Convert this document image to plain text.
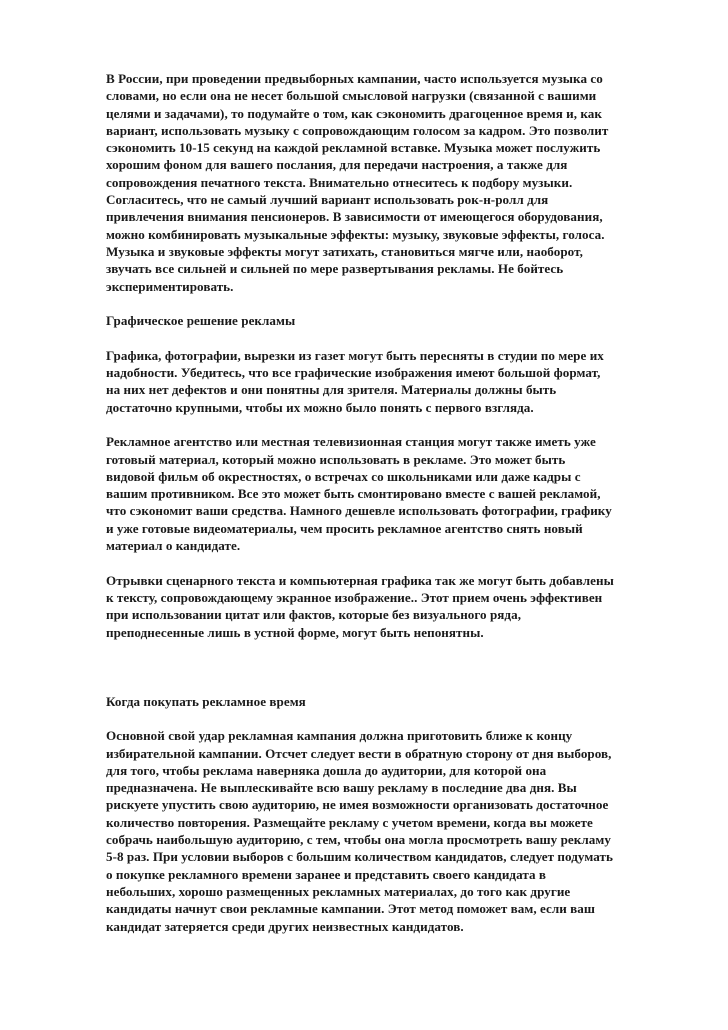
В России, при проведении предвыборных кампании, часто используется музыка со
словами, но если она не несет большой смысловой нагрузки (связанной с вашими
целями и задачами), то подумайте о том, как сэкономить драгоценное время и, как
вариант, использовать музыку с сопровождающим голосом за кадром. Это позволит
сэкономить 10-15 секунд на каждой рекламной вставке. Музыка может послужить
хорошим фоном для вашего послания, для передачи настроения, а также для
сопровождения печатного текста. Внимательно отнеситесь к подбору музыки.
Согласитесь, что не самый лучший вариант использовать рок-н-ролл для
привлечения внимания пенсионеров. В зависимости от имеющегося оборудования,
можно комбинировать музыкальные эффекты: музыку, звуковые эффекты, голоса.
Музыка и звуковые эффекты могут затихать, становиться мягче или, наоборот,
звучать все сильней и сильней по мере развертывания рекламы. Не бойтесь
экспериментировать.
Графическое решение рекламы
Графика, фотографии, вырезки из газет могут быть пересняты в студии по мере их
надобности. Убедитесь, что все графические изображения имеют большой формат,
на них нет дефектов и они понятны для зрителя. Материалы должны быть
достаточно крупными, чтобы их можно было понять с первого взгляда.
Рекламное агентство или местная телевизионная станция могут также иметь уже
готовый материал, который можно использовать в рекламе. Это может быть
видовой фильм об окрестностях, о встречах со школьниками или даже кадры с
вашим противником. Все это может быть смонтировано вместе с вашей рекламой,
что сэкономит ваши средства. Намного дешевле использовать фотографии, графику
и уже готовые видеоматериалы, чем просить рекламное агентство снять новый
материал о кандидате.
Отрывки сценарного текста и компьютерная графика так же могут быть добавлены
к тексту, сопровождающему экранное изображение.. Этот прием очень эффективен
при использовании цитат или фактов, которые без визуального ряда,
преподнесенные лишь в устной форме, могут быть непонятны.
Когда покупать рекламное время
Основной свой удар рекламная кампания должна приготовить ближе к концу
избирательной кампании. Отсчет следует вести в обратную сторону от дня выборов,
для того, чтобы реклама наверняка дошла до аудитории, для которой она
предназначена. Не выплескивайте всю вашу рекламу в последние два дня. Вы
рискуете упустить свою аудиторию, не имея возможности организовать достаточное
количество повторения. Размещайте рекламу с учетом времени, когда вы можете
собрачь наибольшую аудиторию, с тем, чтобы она могла просмотреть вашу рекламу
5-8 раз. При условии выборов с большим количеством кандидатов, следует подумать
о покупке рекламного времени заранее и представить своего кандидата в
небольших, хорошо размещенных рекламных материалах, до того как другие
кандидаты начнут свои рекламные кампании. Этот метод поможет вам, если ваш
кандидат затеряется среди других неизвестных кандидатов.
